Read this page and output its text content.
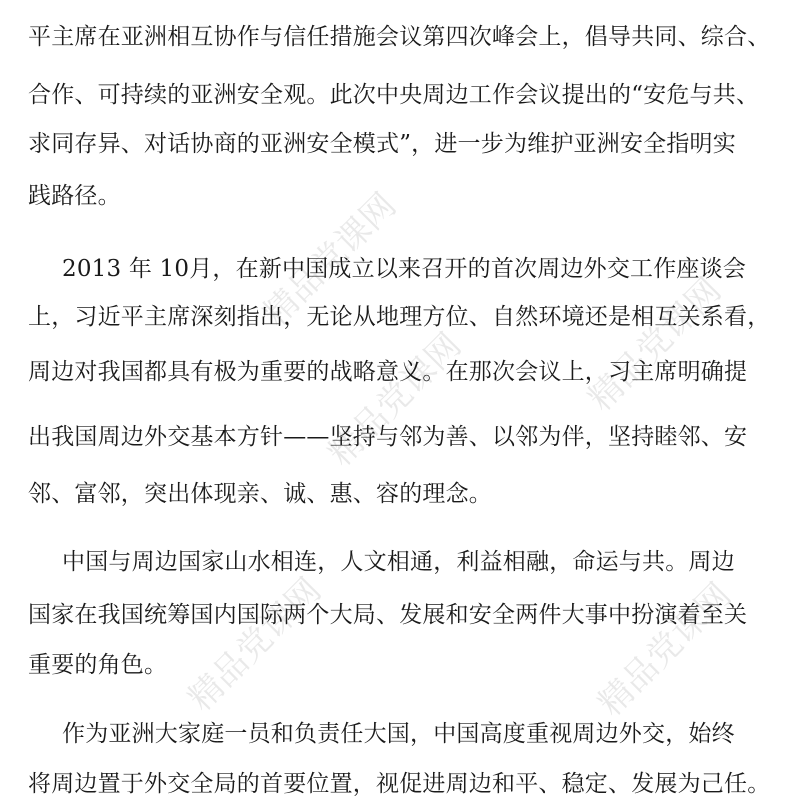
精品党课网
精品党课网	精品党课网
精品党课网	精品党课网
平主席在亚洲相互协作与信任措施会议第四次峰会上，倡导共同、综合、
合作、可持续的亚洲安全观。此次中央周边工作会议提出的“安危与共、
求同存异、对话协商的亚洲安全模式”，进一步为维护亚洲安全指明实
践路径。
2013 年 10月，在新中国成立以来召开的首次周边外交工作座谈会
上，习近平主席深刻指出，无论从地理方位、自然环境还是相互关系看，
周边对我国都具有极为重要的战略意义。在那次会议上，习主席明确提
出我国周边外交基本方针——坚持与邻为善、以邻为伴，坚持睦邻、安
邻、富邻，突出体现亲、诚、惠、容的理念。
中国与周边国家山水相连，人文相通，利益相融，命运与共。周边
国家在我国统筹国内国际两个大局、发展和安全两件大事中扮演着至关
重要的角色。
作为亚洲大家庭一员和负责任大国，中国高度重视周边外交，始终
将周边置于外交全局的首要位置，视促进周边和平、稳定、发展为己任。
